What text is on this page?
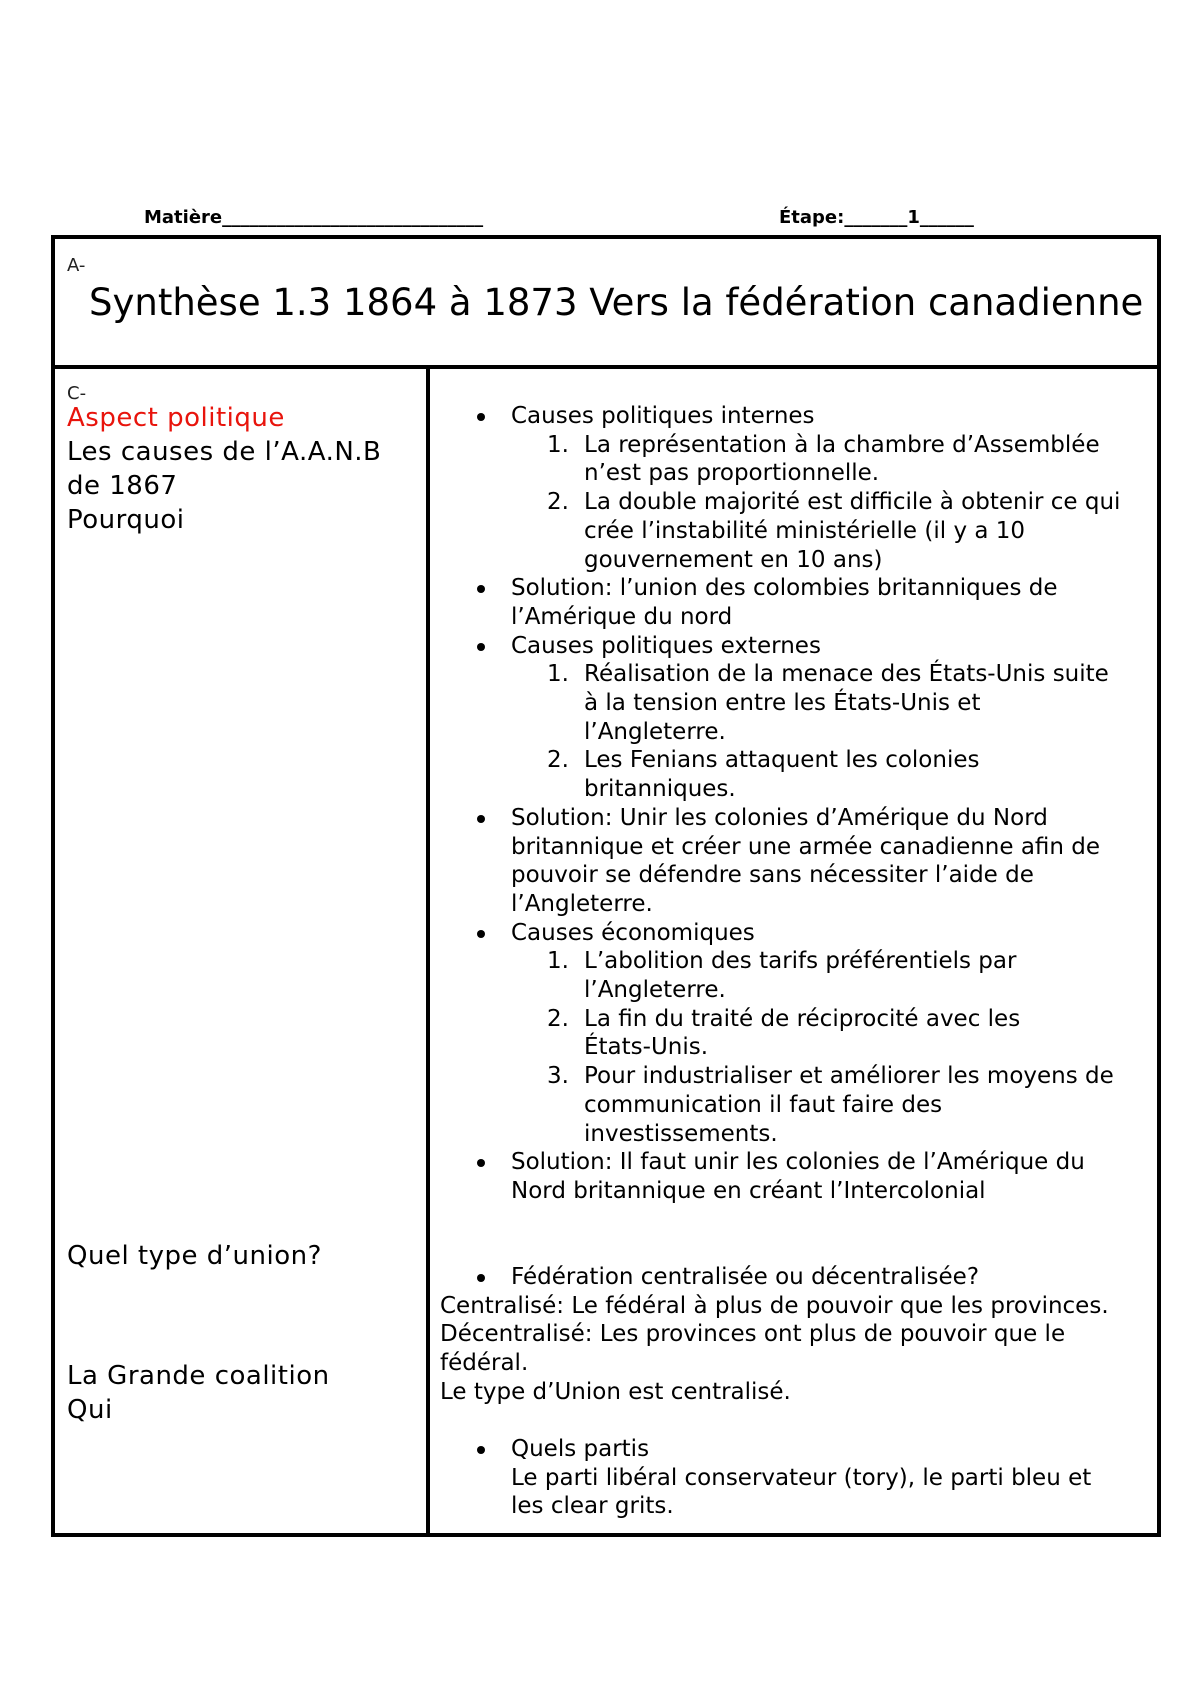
Matière_____________________________	Étape:_______1______
A-
Synthèse 1.3 1864 à 1873 Vers la fédération canadienne
C-
Aspect politique
Les causes de l’A.A.N.B
de 1867
Pourquoi
Quel type d’union?
La Grande coalition
Qui
Causes politiques internes
1. La représentation à la chambre d’Assemblée
n’est pas proportionnelle.
2. La double majorité est difficile à obtenir ce qui
crée l’instabilité ministérielle (il y a 10
gouvernement en 10 ans)
Solution: l’union des colombies britanniques de
l’Amérique du nord
Causes politiques externes
1. Réalisation de la menace des États-Unis suite
à la tension entre les États-Unis et
l’Angleterre.
2. Les Fenians attaquent les colonies
britanniques.
Solution: Unir les colonies d’Amérique du Nord
britannique et créer une armée canadienne afin de
pouvoir se défendre sans nécessiter l’aide de
l’Angleterre.
Causes économiques
1. L’abolition des tarifs préférentiels par
l’Angleterre.
2. La fin du traité de réciprocité avec les
États-Unis.
3. Pour industrialiser et améliorer les moyens de
communication il faut faire des
investissements.
Solution: Il faut unir les colonies de l’Amérique du
Nord britannique en créant l’Intercolonial
Fédération centralisée ou décentralisée?
Centralisé: Le fédéral à plus de pouvoir que les provinces.
Décentralisé: Les provinces ont plus de pouvoir que le
fédéral.
Le type d’Union est centralisé.
Quels partis
Le parti libéral conservateur (tory), le parti bleu et
les clear grits.
